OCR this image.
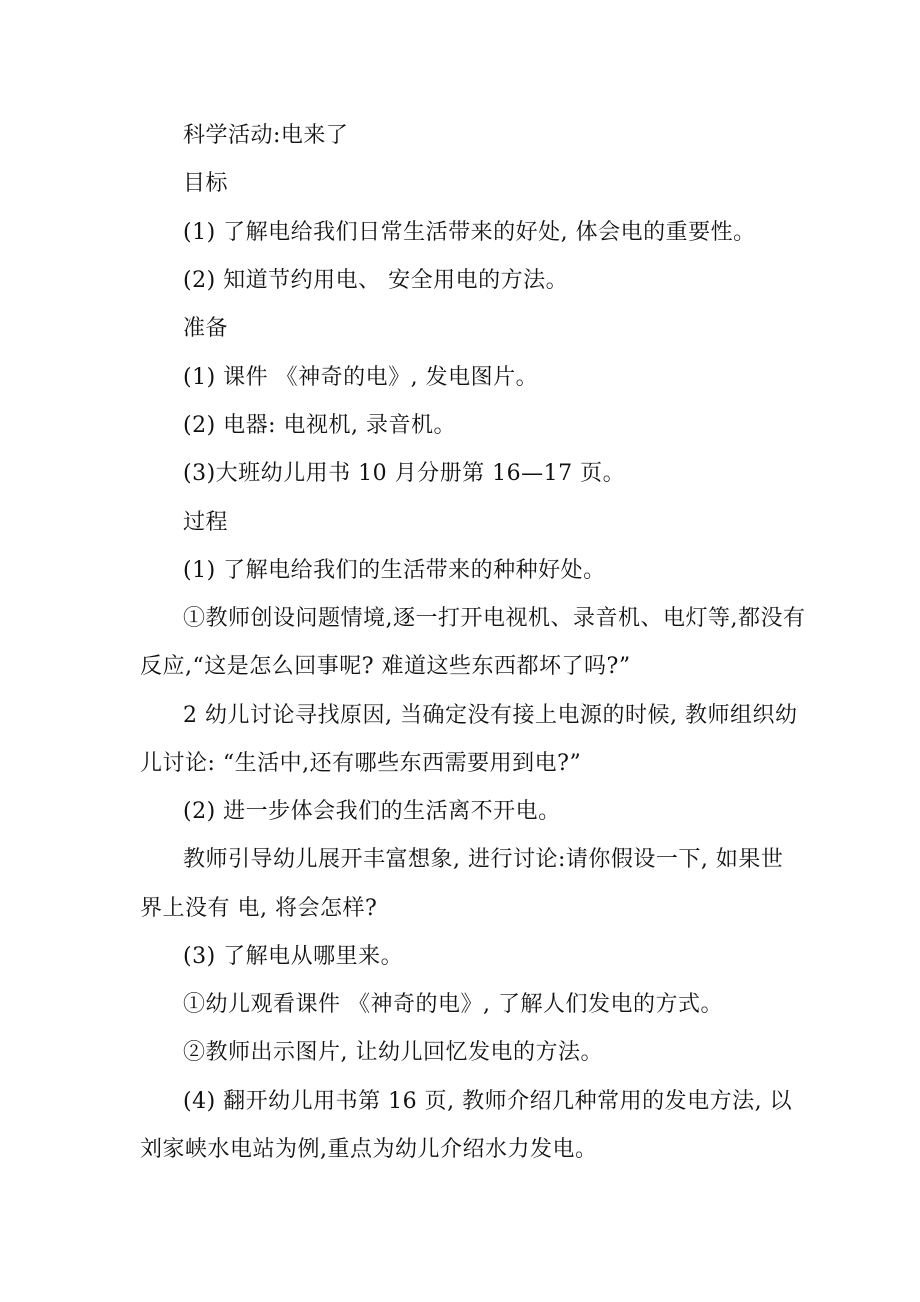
科学活动:电来了
目标
(1) 了解电给我们日常生活带来的好处, 体会电的重要性。
(2) 知道节约用电、 安全用电的方法。
准备
(1) 课件 《神奇的电》, 发电图片。
(2) 电器: 电视机, 录音机。
(3)大班幼儿用书 10 月分册第 16—17 页。
过程
(1) 了解电给我们的生活带来的种种好处。
①教师创设问题情境,逐一打开电视机、录音机、电灯等,都没有
反应,“这是怎么回事呢? 难道这些东西都坏了吗?”
2 幼儿讨论寻找原因, 当确定没有接上电源的时候, 教师组织幼
儿讨论: “生活中,还有哪些东西需要用到电?”
(2) 进一步体会我们的生活离不开电。
教师引导幼儿展开丰富想象, 进行讨论:请你假设一下, 如果世
界上没有 电, 将会怎样?
(3) 了解电从哪里来。
①幼儿观看课件 《神奇的电》, 了解人们发电的方式。
②教师出示图片, 让幼儿回忆发电的方法。
(4) 翻开幼儿用书第 16 页, 教师介绍几种常用的发电方法, 以
刘家峡水电站为例,重点为幼儿介绍水力发电。
